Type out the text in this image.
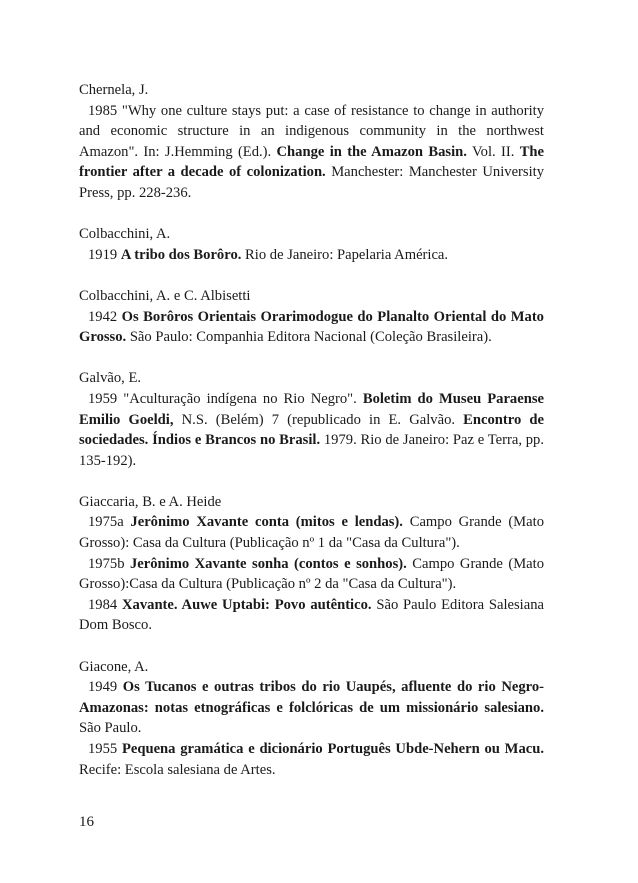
Chernela, J.
1985 "Why one culture stays put: a case of resistance to change in authority and economic structure in an indigenous community in the northwest Amazon". In: J.Hemming (Ed.). Change in the Amazon Basin. Vol. II. The frontier after a decade of colonization. Manchester: Manchester University Press, pp. 228-236.
Colbacchini, A.
1919 A tribo dos Borôro. Rio de Janeiro: Papelaria América.
Colbacchini, A. e C. Albisetti
1942 Os Borôros Orientais Orarimodogue do Planalto Oriental do Mato Grosso. São Paulo: Companhia Editora Nacional (Coleção Brasileira).
Galvão, E.
1959 "Aculturação indígena no Rio Negro". Boletim do Museu Paraense Emilio Goeldi, N.S. (Belém) 7 (republicado in E. Galvão. Encontro de sociedades. Índios e Brancos no Brasil. 1979. Rio de Janeiro: Paz e Terra, pp. 135-192).
Giaccaria, B. e A. Heide
1975a Jerônimo Xavante conta (mitos e lendas). Campo Grande (Mato Grosso): Casa da Cultura (Publicação nº 1 da "Casa da Cultura").
1975b Jerônimo Xavante sonha (contos e sonhos). Campo Grande (Mato Grosso):Casa da Cultura (Publicação nº 2 da "Casa da Cultura").
1984 Xavante. Auwe Uptabi: Povo autêntico. São Paulo Editora Salesiana Dom Bosco.
Giacone, A.
1949 Os Tucanos e outras tribos do rio Uaupés, afluente do rio Negro-Amazonas: notas etnográficas e folclóricas de um missionário salesiano. São Paulo.
1955 Pequena gramática e dicionário Português Ubde-Nehern ou Macu. Recife: Escola salesiana de Artes.
16
